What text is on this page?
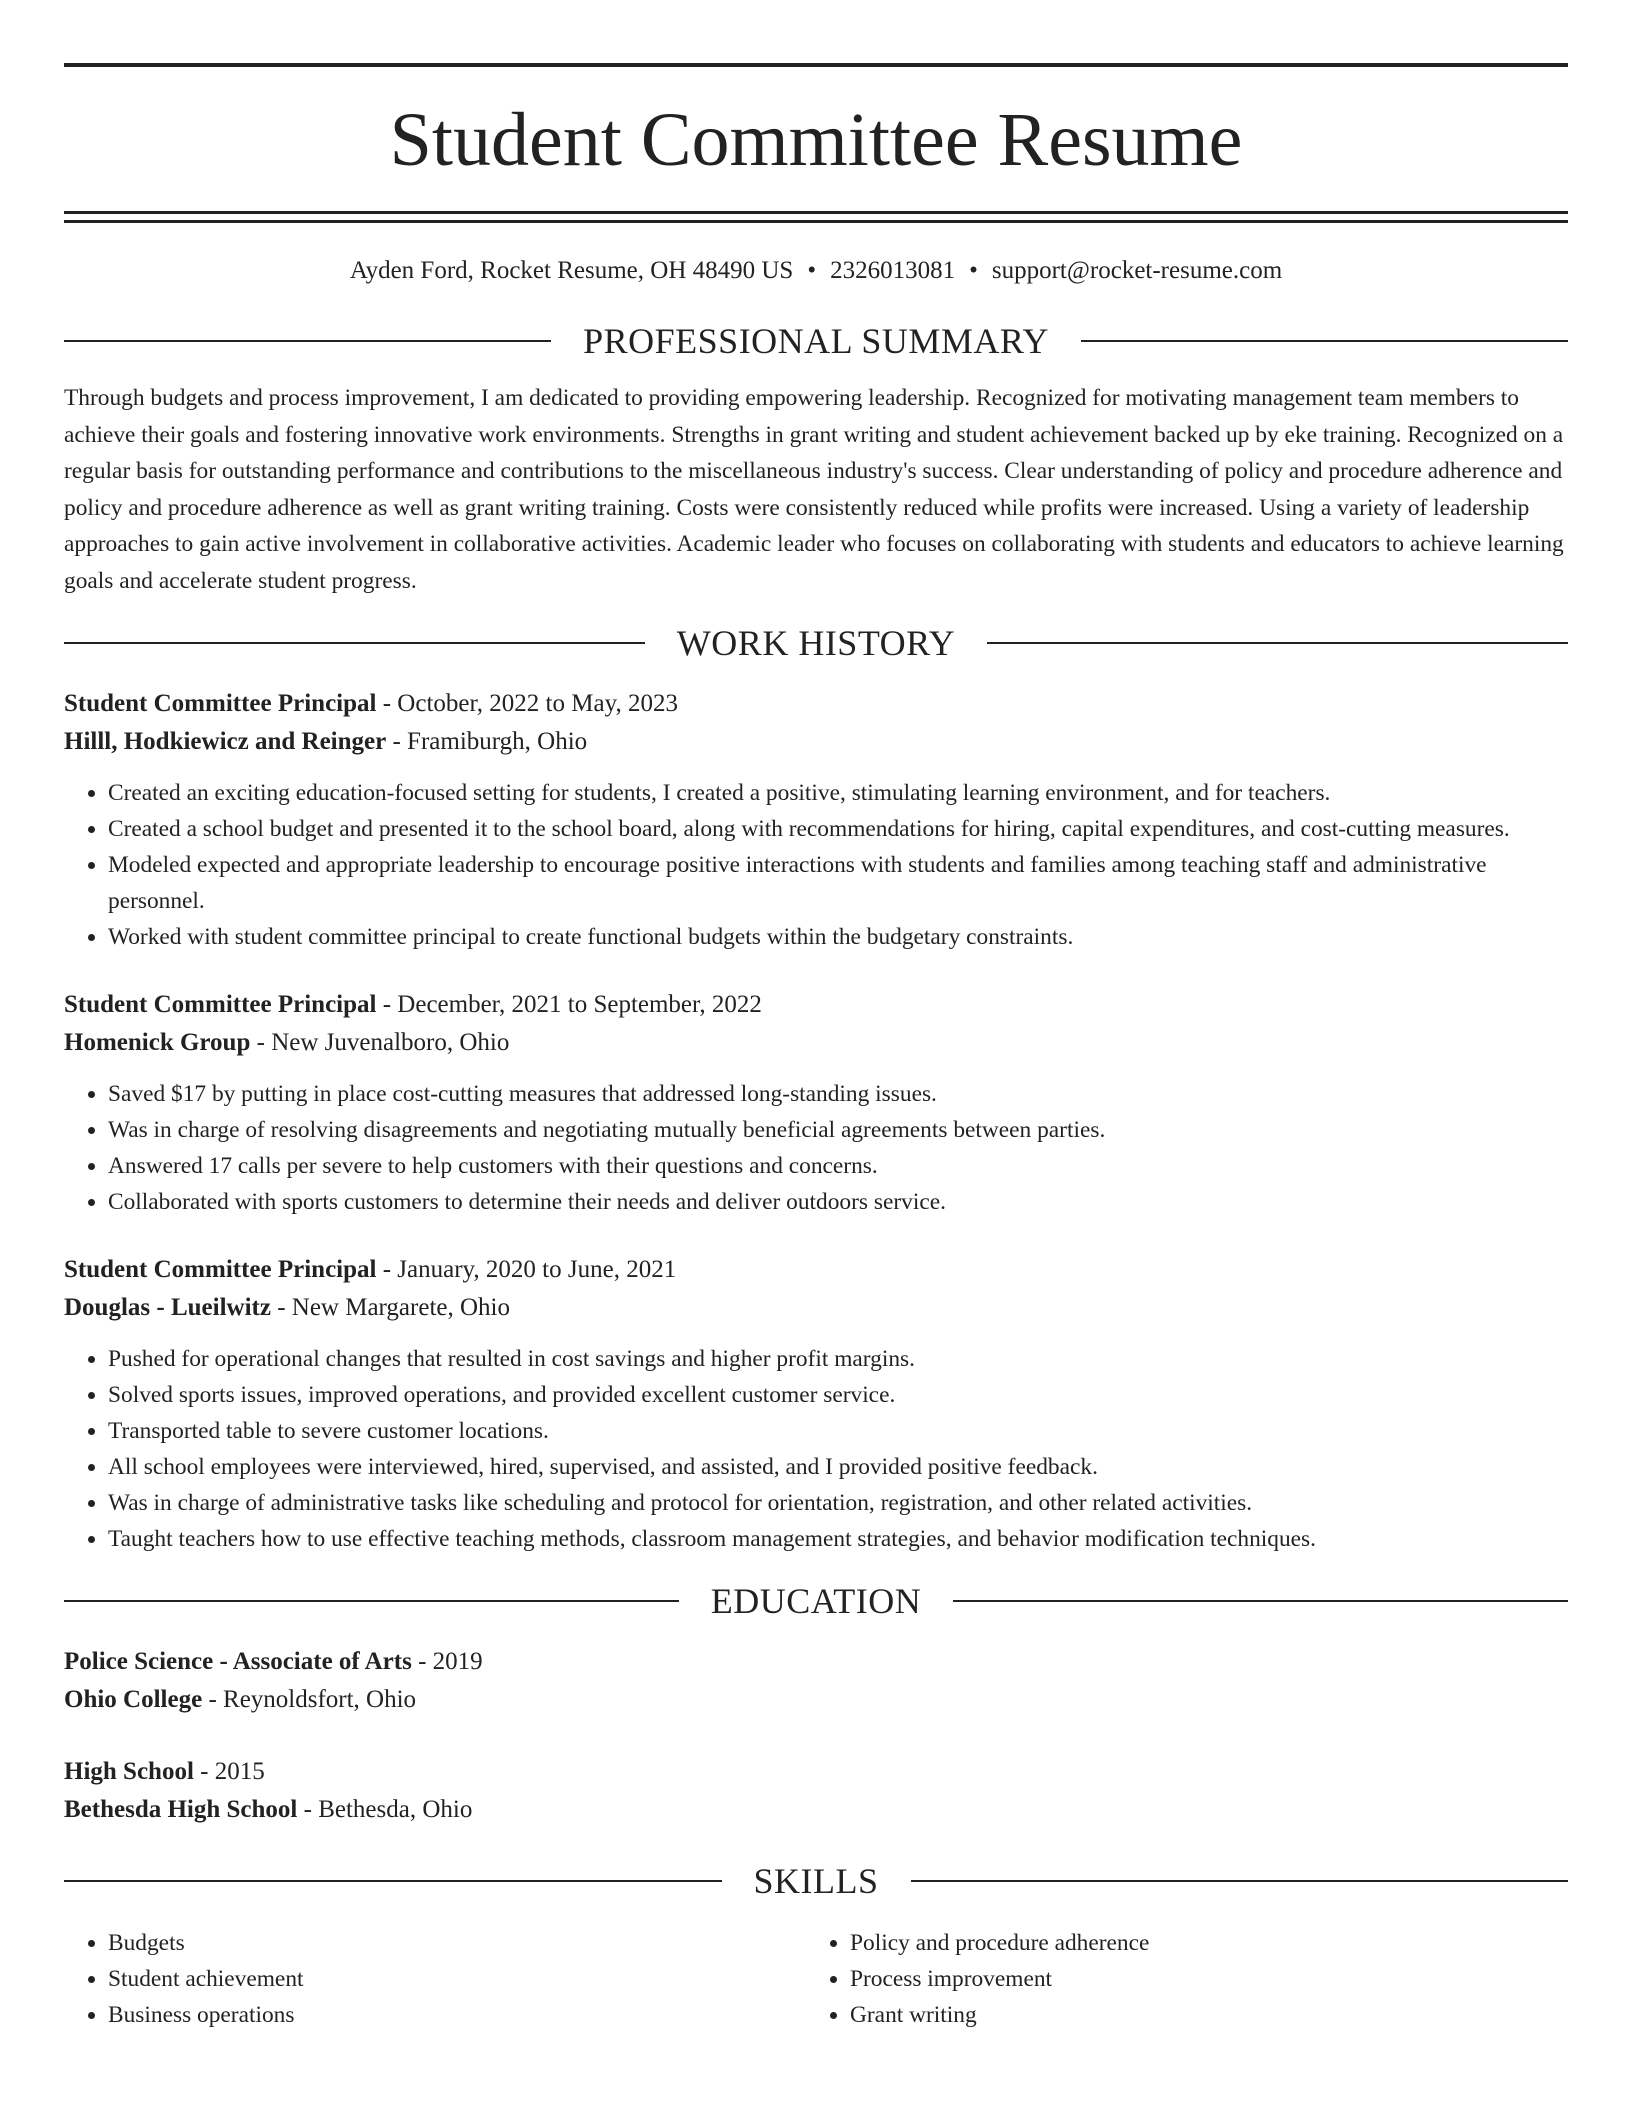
Student Committee Resume
Ayden Ford, Rocket Resume, OH 48490 US • 2326013081 • support@rocket-resume.com
PROFESSIONAL SUMMARY
Through budgets and process improvement, I am dedicated to providing empowering leadership. Recognized for motivating management team members to achieve their goals and fostering innovative work environments. Strengths in grant writing and student achievement backed up by eke training. Recognized on a regular basis for outstanding performance and contributions to the miscellaneous industry's success. Clear understanding of policy and procedure adherence and policy and procedure adherence as well as grant writing training. Costs were consistently reduced while profits were increased. Using a variety of leadership approaches to gain active involvement in collaborative activities. Academic leader who focuses on collaborating with students and educators to achieve learning goals and accelerate student progress.
WORK HISTORY
Student Committee Principal - October, 2022 to May, 2023
Hilll, Hodkiewicz and Reinger - Framiburgh, Ohio
• Created an exciting education-focused setting for students, I created a positive, stimulating learning environment, and for teachers.
• Created a school budget and presented it to the school board, along with recommendations for hiring, capital expenditures, and cost-cutting measures.
• Modeled expected and appropriate leadership to encourage positive interactions with students and families among teaching staff and administrative personnel.
• Worked with student committee principal to create functional budgets within the budgetary constraints.
Student Committee Principal - December, 2021 to September, 2022
Homenick Group - New Juvenalboro, Ohio
• Saved $17 by putting in place cost-cutting measures that addressed long-standing issues.
• Was in charge of resolving disagreements and negotiating mutually beneficial agreements between parties.
• Answered 17 calls per severe to help customers with their questions and concerns.
• Collaborated with sports customers to determine their needs and deliver outdoors service.
Student Committee Principal - January, 2020 to June, 2021
Douglas - Lueilwitz - New Margarete, Ohio
• Pushed for operational changes that resulted in cost savings and higher profit margins.
• Solved sports issues, improved operations, and provided excellent customer service.
• Transported table to severe customer locations.
• All school employees were interviewed, hired, supervised, and assisted, and I provided positive feedback.
• Was in charge of administrative tasks like scheduling and protocol for orientation, registration, and other related activities.
• Taught teachers how to use effective teaching methods, classroom management strategies, and behavior modification techniques.
EDUCATION
Police Science - Associate of Arts - 2019
Ohio College - Reynoldsfort, Ohio
High School - 2015
Bethesda High School - Bethesda, Ohio
SKILLS
• Budgets
• Student achievement
• Business operations
• Policy and procedure adherence
• Process improvement
• Grant writing
